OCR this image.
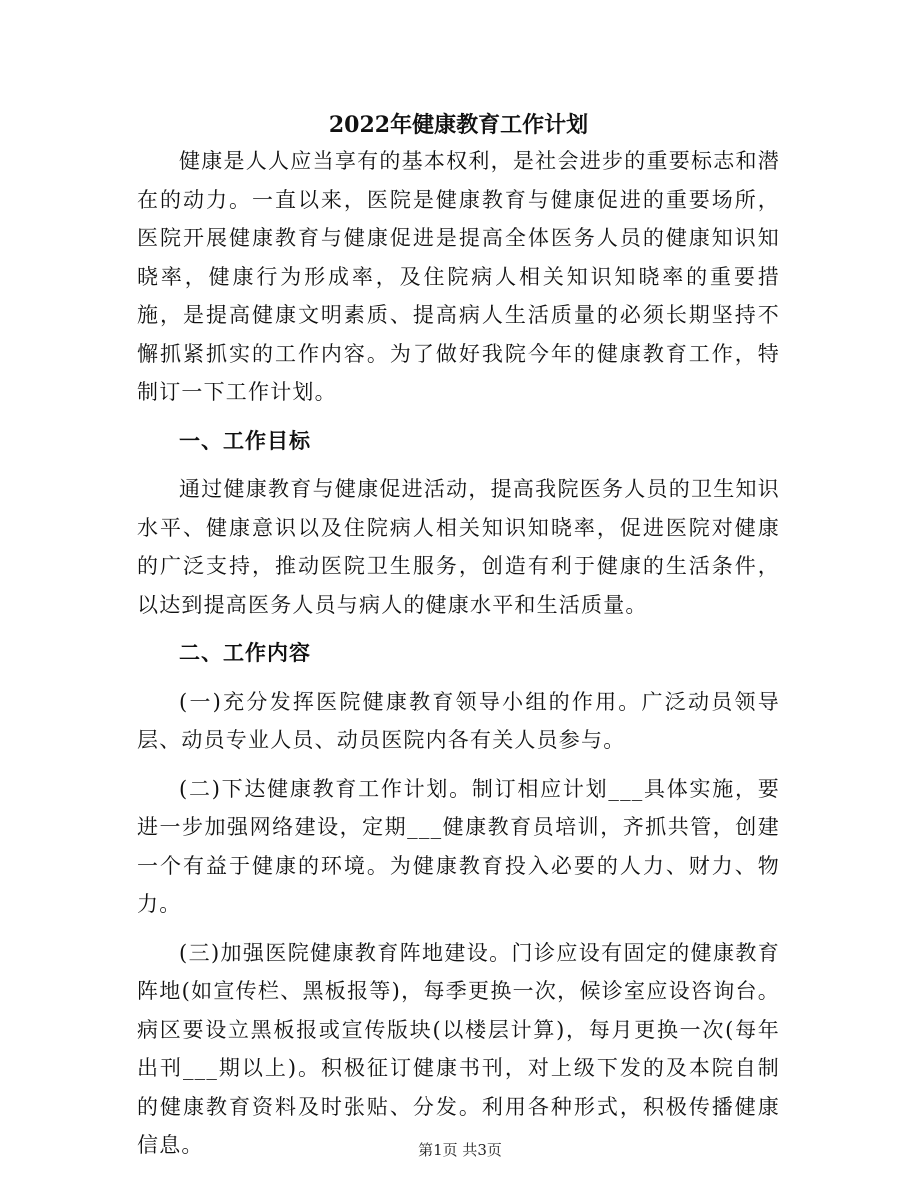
2022年健康教育工作计划

健康是人人应当享有的基本权利，是社会进步的重要标志和潜在的动力。一直以来，医院是健康教育与健康促进的重要场所，医院开展健康教育与健康促进是提高全体医务人员的健康知识知晓率，健康行为形成率，及住院病人相关知识知晓率的重要措施，是提高健康文明素质、提高病人生活质量的必须长期坚持不懈抓紧抓实的工作内容。为了做好我院今年的健康教育工作，特制订一下工作计划。

一、工作目标

通过健康教育与健康促进活动，提高我院医务人员的卫生知识水平、健康意识以及住院病人相关知识知晓率，促进医院对健康的广泛支持，推动医院卫生服务，创造有利于健康的生活条件，以达到提高医务人员与病人的健康水平和生活质量。

二、工作内容

(一)充分发挥医院健康教育领导小组的作用。广泛动员领导层、动员专业人员、动员医院内各有关人员参与。

(二)下达健康教育工作计划。制订相应计划___具体实施，要进一步加强网络建设，定期___健康教育员培训，齐抓共管，创建一个有益于健康的环境。为健康教育投入必要的人力、财力、物力。

(三)加强医院健康教育阵地建设。门诊应设有固定的健康教育阵地(如宣传栏、黑板报等)，每季更换一次，候诊室应设咨询台。病区要设立黑板报或宣传版块(以楼层计算)，每月更换一次(每年出刊___期以上)。积极征订健康书刊，对上级下发的及本院自制的健康教育资料及时张贴、分发。利用各种形式，积极传播健康信息。	第1页 共3页
